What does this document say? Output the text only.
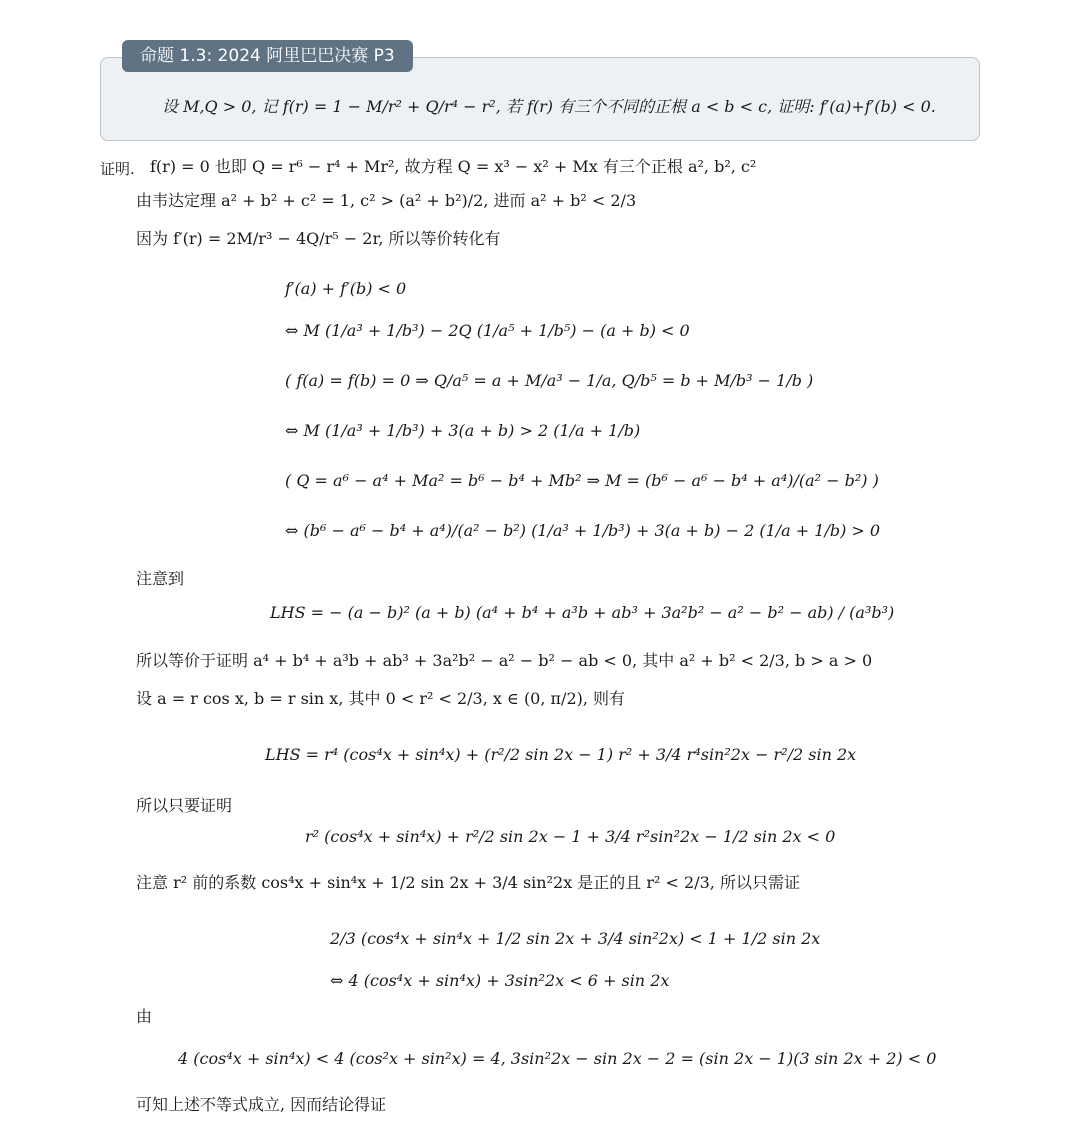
命题 1.3: 2024 阿里巴巴决赛 P3
设 M,Q > 0, 记 f(r) = 1 − M/r² + Q/r⁴ − r², 若 f(r) 有三个不同的正根 a < b < c, 证明: f′(a)+f′(b) < 0.
证明. f(r) = 0 也即 Q = r⁶ − r⁴ + Mr², 故方程 Q = x³ − x² + Mx 有三个正根 a², b², c²
由韦达定理 a² + b² + c² = 1, c² > (a² + b²)/2, 进而 a² + b² < 2/3
因为 f′(r) = 2M/r³ − 4Q/r⁵ − 2r, 所以等价转化有
f′(a) + f′(b) < 0
⇔ M (1/a³ + 1/b³) − 2Q (1/a⁵ + 1/b⁵) − (a + b) < 0
( f(a) = f(b) = 0 ⇒ Q/a⁵ = a + M/a³ − 1/a, Q/b⁵ = b + M/b³ − 1/b )
⇔ M (1/a³ + 1/b³) + 3(a + b) > 2 (1/a + 1/b)
( Q = a⁶ − a⁴ + Ma² = b⁶ − b⁴ + Mb² ⇒ M = (b⁶ − a⁶ − b⁴ + a⁴)/(a² − b²) )
⇔ (b⁶ − a⁶ − b⁴ + a⁴)/(a² − b²) (1/a³ + 1/b³) + 3(a + b) − 2 (1/a + 1/b) > 0
注意到
LHS = − (a − b)² (a + b) (a⁴ + b⁴ + a³b + ab³ + 3a²b² − a² − b² − ab) / (a³b³)
所以等价于证明 a⁴ + b⁴ + a³b + ab³ + 3a²b² − a² − b² − ab < 0, 其中 a² + b² < 2/3, b > a > 0
设 a = r cos x, b = r sin x, 其中 0 < r² < 2/3, x ∈ (0, π/2), 则有
LHS = r⁴ (cos⁴x + sin⁴x) + (r²/2 sin 2x − 1) r² + 3/4 r⁴sin²2x − r²/2 sin 2x
所以只要证明
r² (cos⁴x + sin⁴x) + r²/2 sin 2x − 1 + 3/4 r²sin²2x − 1/2 sin 2x < 0
注意 r² 前的系数 cos⁴x + sin⁴x + 1/2 sin 2x + 3/4 sin²2x 是正的且 r² < 2/3, 所以只需证
2/3 (cos⁴x + sin⁴x + 1/2 sin 2x + 3/4 sin²2x) < 1 + 1/2 sin 2x
⇔ 4 (cos⁴x + sin⁴x) + 3sin²2x < 6 + sin 2x
由
4 (cos⁴x + sin⁴x) < 4 (cos²x + sin²x) = 4, 3sin²2x − sin 2x − 2 = (sin 2x − 1)(3 sin 2x + 2) < 0
可知上述不等式成立, 因而结论得证
